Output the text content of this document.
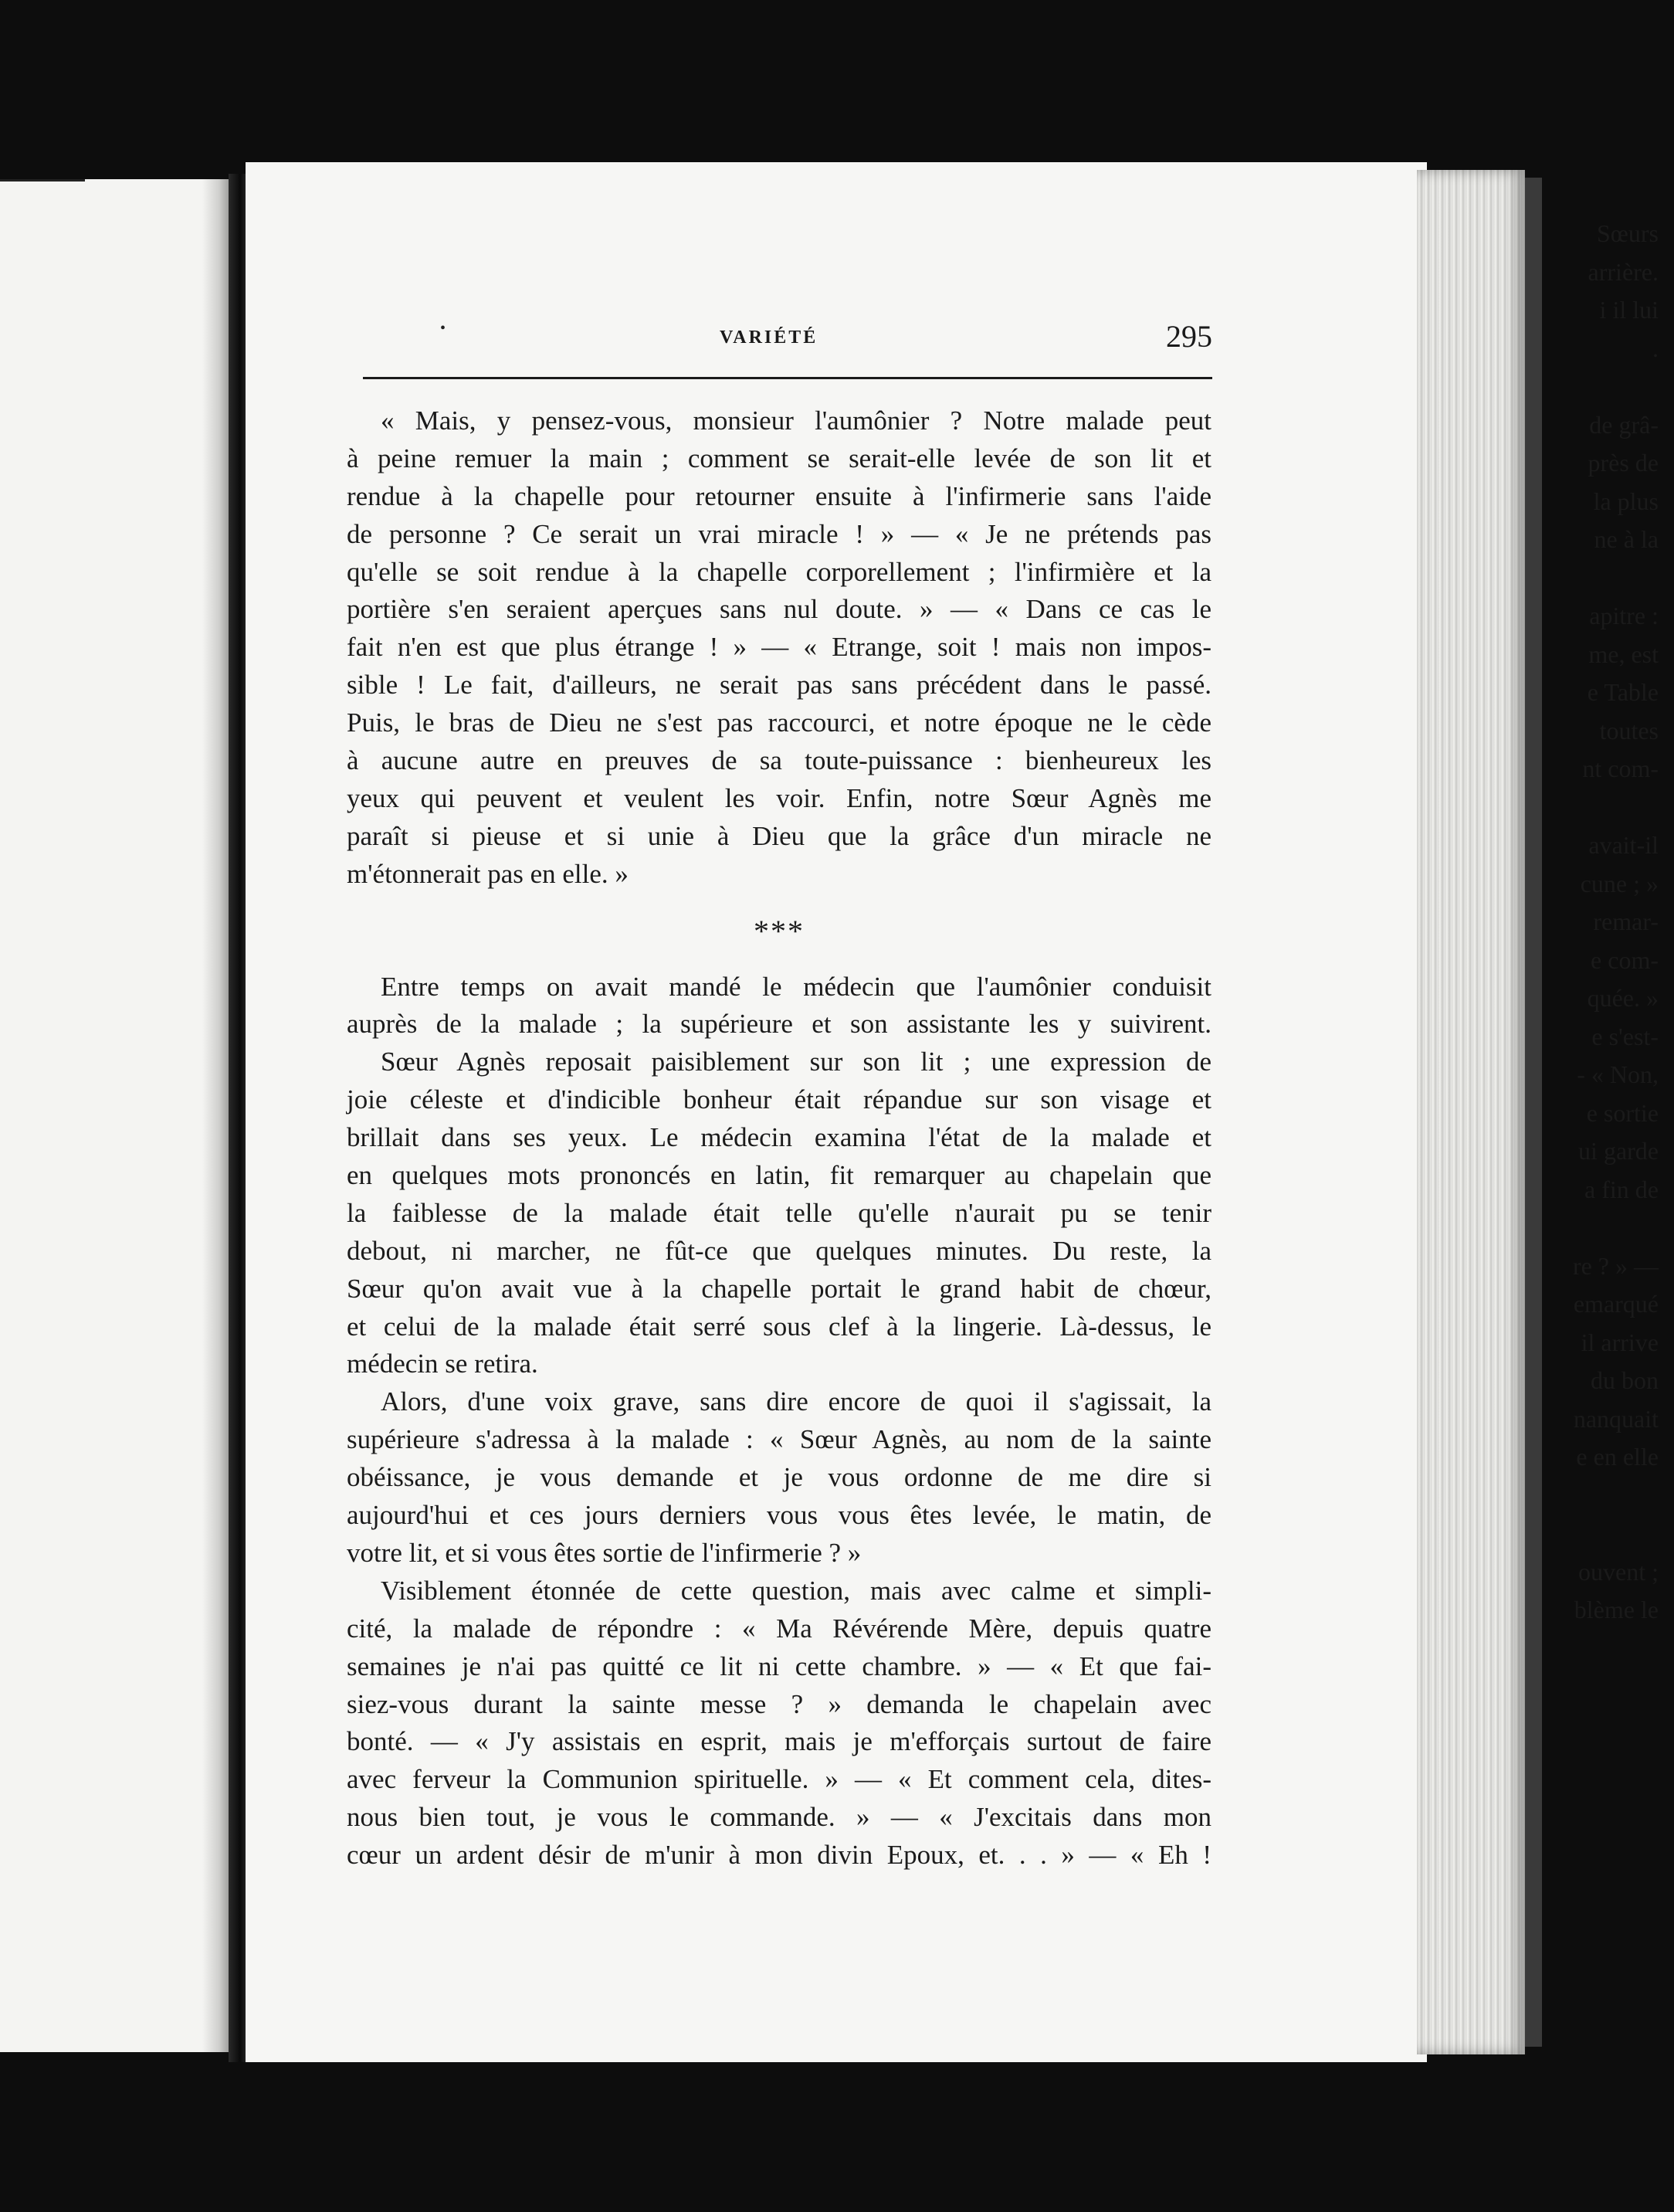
Sœurs
arrière.
i il lui
.
de grâ-
près de
la plus
ne à la
apitre :
me, est
e Table
toutes
nt com-
avait-il
cune ; »
remar-
e com-
quée. »
e s'est-
- « Non,
e sortie
ui garde
a fin de
re ? » —
emarqué
il arrive
du bon
nanquait
e en elle
ouvent ;
blème le
•	VARIÉTÉ	295
« Mais, y pensez-vous, monsieur l'aumônier ? Notre malade peut
à peine remuer la main ; comment se serait-elle levée de son lit et
rendue à la chapelle pour retourner ensuite à l'infirmerie sans l'aide
de personne ? Ce serait un vrai miracle ! » — « Je ne prétends pas
qu'elle se soit rendue à la chapelle corporellement ; l'infirmière et la
portière s'en seraient aperçues sans nul doute. » — « Dans ce cas le
fait n'en est que plus étrange ! » — « Etrange, soit ! mais non impos-
sible ! Le fait, d'ailleurs, ne serait pas sans précédent dans le passé.
Puis, le bras de Dieu ne s'est pas raccourci, et notre époque ne le cède
à aucune autre en preuves de sa toute-puissance : bienheureux les
yeux qui peuvent et veulent les voir. Enfin, notre Sœur Agnès me
paraît si pieuse et si unie à Dieu que la grâce d'un miracle ne
m'étonnerait pas en elle. »
***
Entre temps on avait mandé le médecin que l'aumônier conduisit
auprès de la malade ; la supérieure et son assistante les y suivirent.
Sœur Agnès reposait paisiblement sur son lit ; une expression de
joie céleste et d'indicible bonheur était répandue sur son visage et
brillait dans ses yeux. Le médecin examina l'état de la malade et
en quelques mots prononcés en latin, fit remarquer au chapelain que
la faiblesse de la malade était telle qu'elle n'aurait pu se tenir
debout, ni marcher, ne fût-ce que quelques minutes. Du reste, la
Sœur qu'on avait vue à la chapelle portait le grand habit de chœur,
et celui de la malade était serré sous clef à la lingerie. Là-dessus, le
médecin se retira.
Alors, d'une voix grave, sans dire encore de quoi il s'agissait, la
supérieure s'adressa à la malade : « Sœur Agnès, au nom de la sainte
obéissance, je vous demande et je vous ordonne de me dire si
aujourd'hui et ces jours derniers vous vous êtes levée, le matin, de
votre lit, et si vous êtes sortie de l'infirmerie ? »
Visiblement étonnée de cette question, mais avec calme et simpli-
cité, la malade de répondre : « Ma Révérende Mère, depuis quatre
semaines je n'ai pas quitté ce lit ni cette chambre. » — « Et que fai-
siez-vous durant la sainte messe ? » demanda le chapelain avec
bonté. — « J'y assistais en esprit, mais je m'efforçais surtout de faire
avec ferveur la Communion spirituelle. » — « Et comment cela, dites-
nous bien tout, je vous le commande. » — « J'excitais dans mon
cœur un ardent désir de m'unir à mon divin Epoux, et. . . » — « Eh !
